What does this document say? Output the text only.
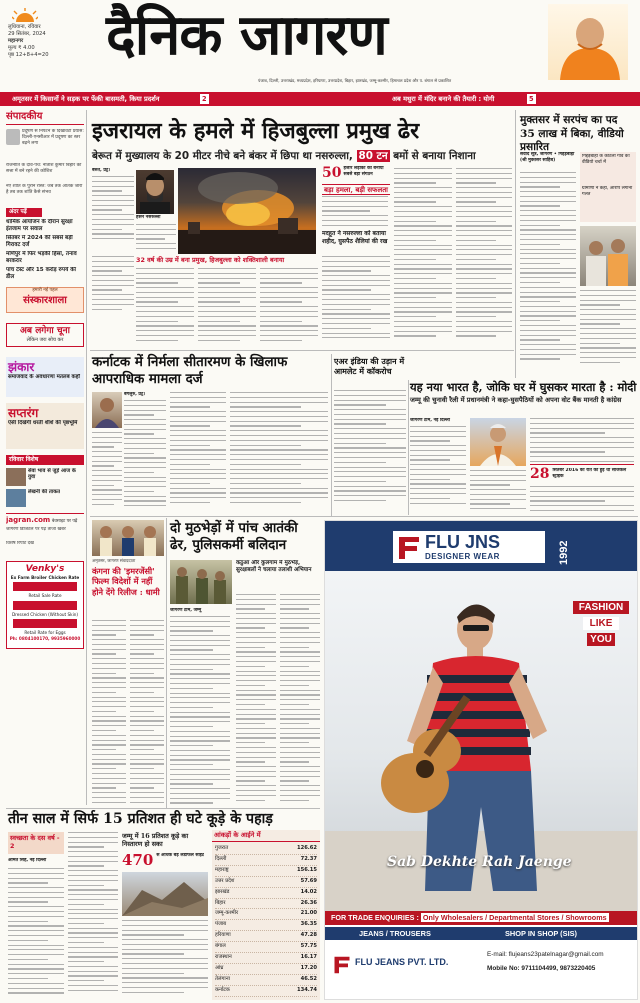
लुधियाना, रविवार
29 सितंबर, 2024
महानगर
मूल्य ₹ 4.00
पृष्ठ 12+8+4=20 दैनिक जागरण
पंजाब, दिल्ली, उत्तराखंड, मध्यप्रदेश, हरियाणा, उत्तरप्रदेश, बिहार, झारखंड, जम्मू-कश्मीर, हिमाचल प्रदेश और प. बंगाल से प्रकाशित
अमृतसर में किसानों ने सड़क पर फेंकी बासमती, किया प्रदर्शन	2	अब मथुरा में मंदिर बनाने की तैयारी : योगी	5
संपादकीय
प्रदूषण से निपटने के दिखावटी प्रयास: दिल्ली-एनसीआर में प्रदूषण का स्तर बढ़ने लगा
राजनीति के दांव-पेंच: नीतीश कुमार बिहार की सत्ता में बने रहने की कोशिश
नए शांति के पुराने रास्ते: जब तक आतंक जारी है तब तक शांति कैसे संभव
अंदर पढ़ें
धार्मिक आयोजन के दौरान सुरक्षा इंतजाम पर सवाल
सितंबर में 2024 की सबसे बड़ी गिरावट दर्ज
मणिपुर में फिर भड़की हिंसा, तनाव बरकरार
पांच टेस्ट और 15 करोड़ रुपये की डील
हमारी नई पहल
संस्कारशाला
अब लगेगा चूना
लेकिन जरा सोच कर
झंकार
समाजवाद के अवधारणा मतलब कहाँ
सप्तरंग
ऐसी दिखेगी धरती शीशे की पृष्ठभूमि
रविवार विशेष
सेवा भाव से जुड़े आज के युवा
लेखनी की ताकत
jagran.com बेवसाइट पर पढ़ें
जागरण डिजिटल पर पढ़ें ताजा खबरें
विशेष रिपोर्ट देखें
Venky's
Ex Farm Broiler Chicken Rate
Retail Sale Rate
Dressed Chicken (Without Skin)
Retail Rate for Eggs
Ph: 0804100170, 9935960000
इजरायल के हमले में हिजबुल्ला प्रमुख ढेर
बेरूत में मुख्यालय के 20 मीटर नीचे बने बंकर में छिपा था नसरुल्ला, 80 टन बमों से बनाया निशाना
बेरुत, प्रेट्र।
हसन नसरुल्ला
32 वर्ष की उम्र में बना प्रमुख, हिजबुल्ला को शक्तिशाली बनाया
50 हजार लड़ाकों का बनाया सबसे बड़ा संगठन
बड़ा हमला, बड़ी सफलता
मदहूत ने नसरुल्ला को बताया शहीद, घुसपैठ शैलियां की रख
मुक्तसर में सरपंच का पद 35 लाख में बिका, वीडियो प्रसारित
संवाद सूत्र, जागरण • गिद्दड़बाहा (श्री मुक्तसर साहिब)
गिद्दड़बाहा के कोटली गांव का वीडियो चर्चा में
ग्रामीणों ने कहा, आरोप लगाना गलत
कर्नाटक में निर्मला सीतारमण के खिलाफ आपराधिक मामला दर्ज
बेंगलुरु, प्रेट्र।
एअर इंडिया की उड़ान में आमलेट में कॉकरोच
यह नया भारत है, जोकि घर में घुसकर मारता है : मोदी
जम्मू की चुनावी रैली में प्रधानमंत्री ने कहा-घुसपैठियों को अपना वोट बैंक मानती है कांग्रेस
जागरण टीम, नई दिल्ली
28 सितंबर 2016 को रात को हुई थी सर्जिकल स्ट्राइक
दो मुठभेड़ों में पांच आतंकी ढेर, पुलिसकर्मी बलिदान
कठुआ और कुलगाम में मुठभेड़, सुरक्षाबलों ने चलाया तलाशी अभियान
जागरण टीम, जम्मू
अमृतसर, जागरण संवाददाता
कंगना की 'इमरजेंसी' फिल्म विदेशों में नहीं होने देंगे रिलीज : धामी
FLU JNS
DESIGNER WEAR	1992
FASHION
LIKE
YOU
Sab Dekhte Rah Jaenge
FOR TRADE ENQUIRIES : Only Wholesalers / Departmental Stores / Showrooms
JEANS / TROUSERS	SHOP IN SHOP (SIS)
FLU JEANS PVT. LTD.
E-mail: flujeans23patelnagar@gmail.com
Mobile No: 9711104499, 9873220405
तीन साल में सिर्फ 15 प्रतिशत ही घटे कूड़े के पहाड़
स्वच्छता के दस वर्ष - 2
अमित सिंह, नई दिल्ली
जम्मू में 16 प्रतिशत कूड़े का निस्तारण हो सका
470 से अधिक बड़े लैंडफिल साइट
आंकड़ों के आईने में
गुजरात	126.62
दिल्ली	72.37
महाराष्ट्र	156.15
उत्तर प्रदेश	57.69
झारखंड	14.02
बिहार	26.36
जम्मू-कश्मीर	21.00
पंजाब	36.35
हरियाणा	47.28
बंगाल	57.75
राजस्थान	16.17
आंध्र	17.20
तेलंगाना	46.52
कर्नाटक	134.74
